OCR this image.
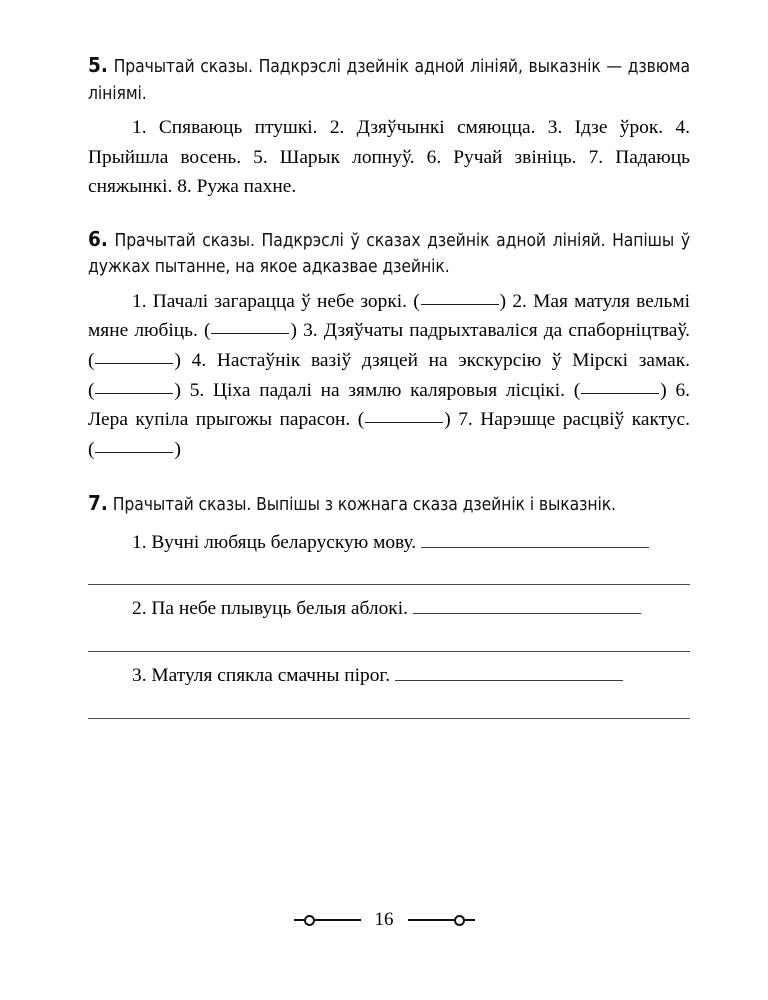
5. Прачытай сказы. Падкрэслі дзейнік адной лініяй, выказнік — дзвюма лініямі.

1. Спяваюць птушкі. 2. Дзяўчынкі смяюцца. 3. Ідзе ўрок. 4. Прыйшла восень. 5. Шарык лопнуў. 6. Ручай звініць. 7. Падаюць сняжынкі. 8. Ружа пахне.

6. Прачытай сказы. Падкрэслі ў сказах дзейнік адной лініяй. Напішы ў дужках пытанне, на якое адказвае дзейнік.

1. Пачалі загарацца ў небе зоркі. (	) 2. Мая матуля вельмі мяне любіць. (	) 3. Дзяўчаты падрыхтаваліся да спаборніцтваў. (	) 4. Настаўнік вазіў дзяцей на экскурсію ў Мірскі замак. (	) 5. Ціха падалі на зямлю каляровыя лісцікі. (	) 6. Лера купіла прыгожы парасон. (	) 7. Нарэшце расцвіў кактус. (	)

7. Прачытай сказы. Выпішы з кожнага сказа дзейнік і выказнік.

1. Вучні любяць беларускую мову.
2. Па небе плывуць белыя аблокі.
3. Матуля спякла смачны пірог.
16
